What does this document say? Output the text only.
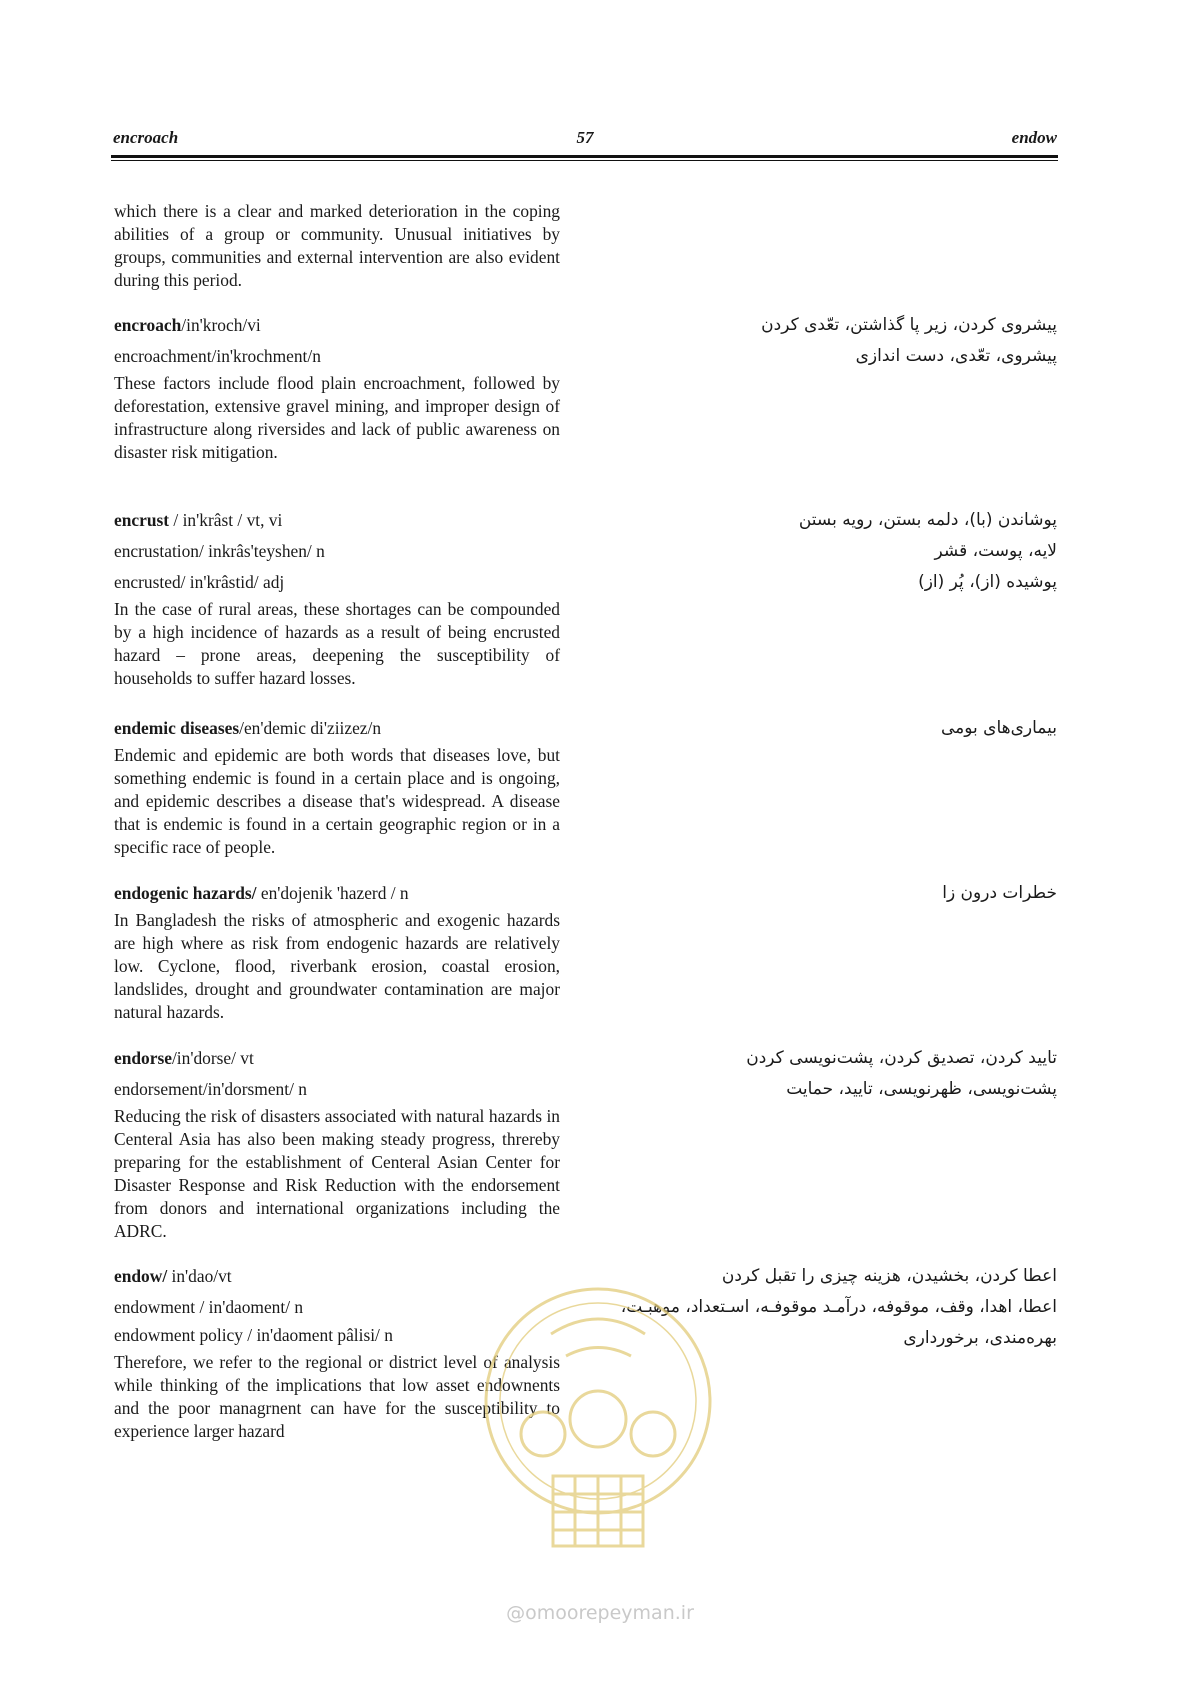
encroach	57	endow

which there is a clear and marked deterioration in the coping abilities of a group or community. Unusual initiatives by groups, communities and external intervention are also evident during this period.

encroach/in'kroch/vi

encroachment/in'krochment/n

These factors include flood plain encroachment, followed by deforestation, extensive gravel mining, and improper design of infrastructure along riversides and lack of public awareness on disaster risk mitigation.

پیشروی کردن، زیر پا گذاشتن، تعّدی کردن
پیشروی، تعّدی، دست اندازی

encrust / in'krâst / vt, vi

encrustation/ inkrâs'teyshen/ n

encrusted/ in'krâstid/ adj

In the case of rural areas, these shortages can be compounded by a high incidence of hazards as a result of being encrusted hazard – prone areas, deepening the susceptibility of households to suffer hazard losses.

پوشاندن (با)، دلمه بستن، رویه بستن
لایه، پوست، قشر
پوشیده (از)، پُر (از)

endemic diseases/en'demic di'ziizez/n

Endemic and epidemic are both words that diseases love, but something endemic is found in a certain place and is ongoing, and epidemic describes a disease that's widespread. A disease that is endemic is found in a certain geographic region or in a specific race of people.

بیماری‌های بومی

endogenic hazards/ en'dojenik 'hazerd / n

In Bangladesh the risks of atmospheric and exogenic hazards are high where as risk from endogenic hazards are relatively low. Cyclone, flood, riverbank erosion, coastal erosion, landslides, drought and groundwater contamination are major natural hazards.

خطرات درون زا

endorse/in'dorse/ vt

endorsement/in'dorsment/ n

Reducing the risk of disasters associated with natural hazards in Centeral Asia has also been making steady progress, threreby preparing for the establishment of Centeral Asian Center for Disaster Response and Risk Reduction with the endorsement from donors and international organizations including the ADRC.

تایید کردن، تصدیق کردن، پشت‌نویسی کردن
پشت‌نویسی، ظهرنویسی، تایید، حمایت

endow/ in'dao/vt

endowment / in'daoment/ n

endowment policy / in'daoment pâlisi/ n

Therefore, we refer to the regional or district level of analysis while thinking of the implications that low asset endownents and the poor managrnent can have for the susceptibility to experience larger hazard

اعطا کردن، بخشیدن، هزینه چیزی را تقبل کردن
اعطا، اهدا، وقف، موقوفه، درآمـد موقوفـه، اسـتعداد، موهبـت،
بهره‌مندی، برخورداری
@omoorepeyman.ir
